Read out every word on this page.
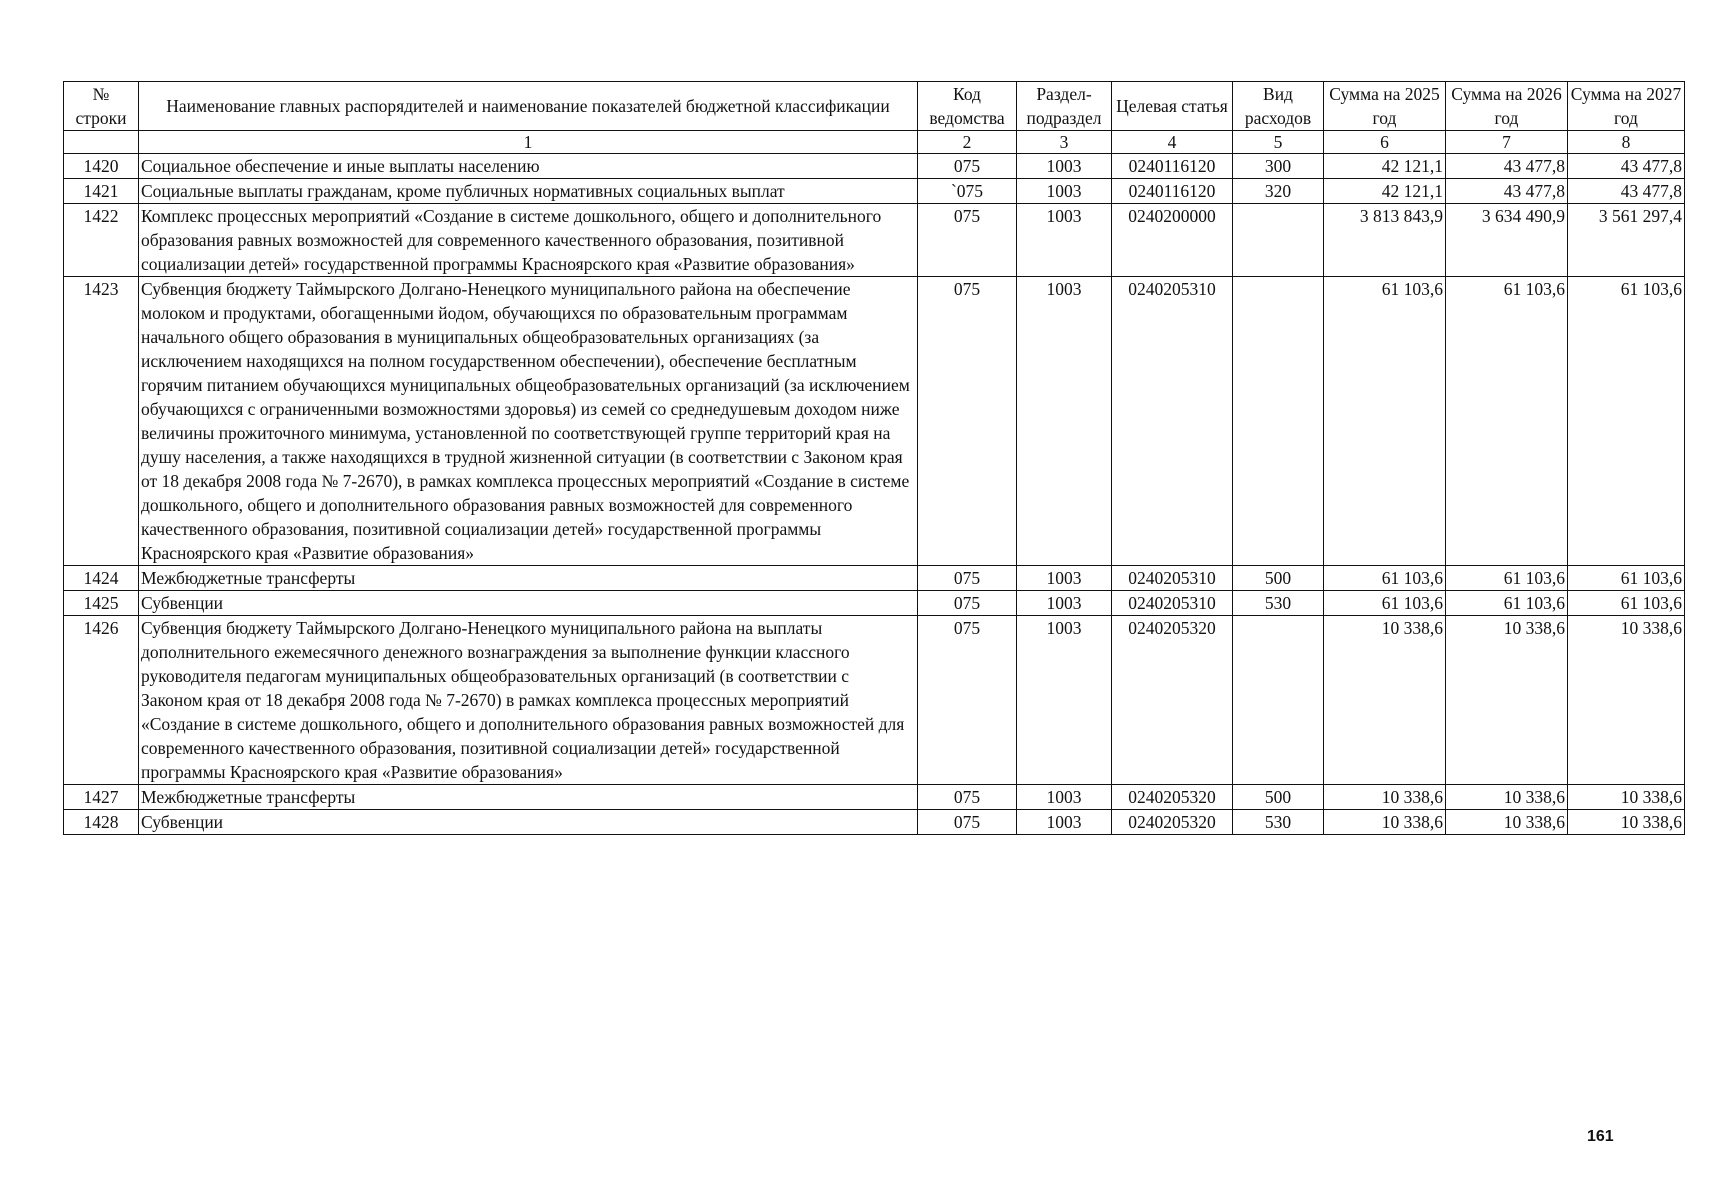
№ строки	Наименование главных распорядителей и наименование показателей бюджетной классификации	Код ведомства	Раздел-подраздел	Целевая статья	Вид расходов	Сумма на 2025 год	Сумма на 2026 год	Сумма на 2027 год
	1	2	3	4	5	6	7	8
1420	Социальное обеспечение и иные выплаты населению	075	1003	0240116120	300	42 121,1	43 477,8	43 477,8
1421	Социальные выплаты гражданам, кроме публичных нормативных социальных выплат	`075	1003	0240116120	320	42 121,1	43 477,8	43 477,8
1422	Комплекс процессных мероприятий «Создание в системе дошкольного, общего и дополнительного образования равных возможностей для современного качественного образования, позитивной социализации детей» государственной программы Красноярского края «Развитие образования»	075	1003	0240200000		3 813 843,9	3 634 490,9	3 561 297,4
1423	Субвенция бюджету Таймырского Долгано-Ненецкого муниципального района на обеспечение молоком и продуктами, обогащенными йодом, обучающихся по образовательным программам начального общего образования в муниципальных общеобразовательных организациях (за исключением находящихся на полном государственном обеспечении), обеспечение бесплатным горячим питанием обучающихся муниципальных общеобразовательных организаций (за исключением обучающихся с ограниченными возможностями здоровья) из семей со среднедушевым доходом ниже величины прожиточного минимума, установленной по соответствующей группе территорий края на душу населения, а также находящихся в трудной жизненной ситуации (в соответствии с Законом края от 18 декабря 2008 года № 7-2670), в рамках комплекса процессных мероприятий «Создание в системе дошкольного, общего и дополнительного образования равных возможностей для современного качественного образования, позитивной социализации детей» государственной программы Красноярского края «Развитие образования»	075	1003	0240205310		61 103,6	61 103,6	61 103,6
1424	Межбюджетные трансферты	075	1003	0240205310	500	61 103,6	61 103,6	61 103,6
1425	Субвенции	075	1003	0240205310	530	61 103,6	61 103,6	61 103,6
1426	Субвенция бюджету Таймырского Долгано-Ненецкого муниципального района на выплаты дополнительного ежемесячного денежного вознаграждения за выполнение функции классного руководителя педагогам муниципальных общеобразовательных организаций (в соответствии с Законом края от 18 декабря 2008 года № 7-2670) в рамках комплекса процессных мероприятий «Создание в системе дошкольного, общего и дополнительного образования равных возможностей для современного качественного образования, позитивной социализации детей» государственной программы Красноярского края «Развитие образования»	075	1003	0240205320		10 338,6	10 338,6	10 338,6
1427	Межбюджетные трансферты	075	1003	0240205320	500	10 338,6	10 338,6	10 338,6
1428	Субвенции	075	1003	0240205320	530	10 338,6	10 338,6	10 338,6
161
